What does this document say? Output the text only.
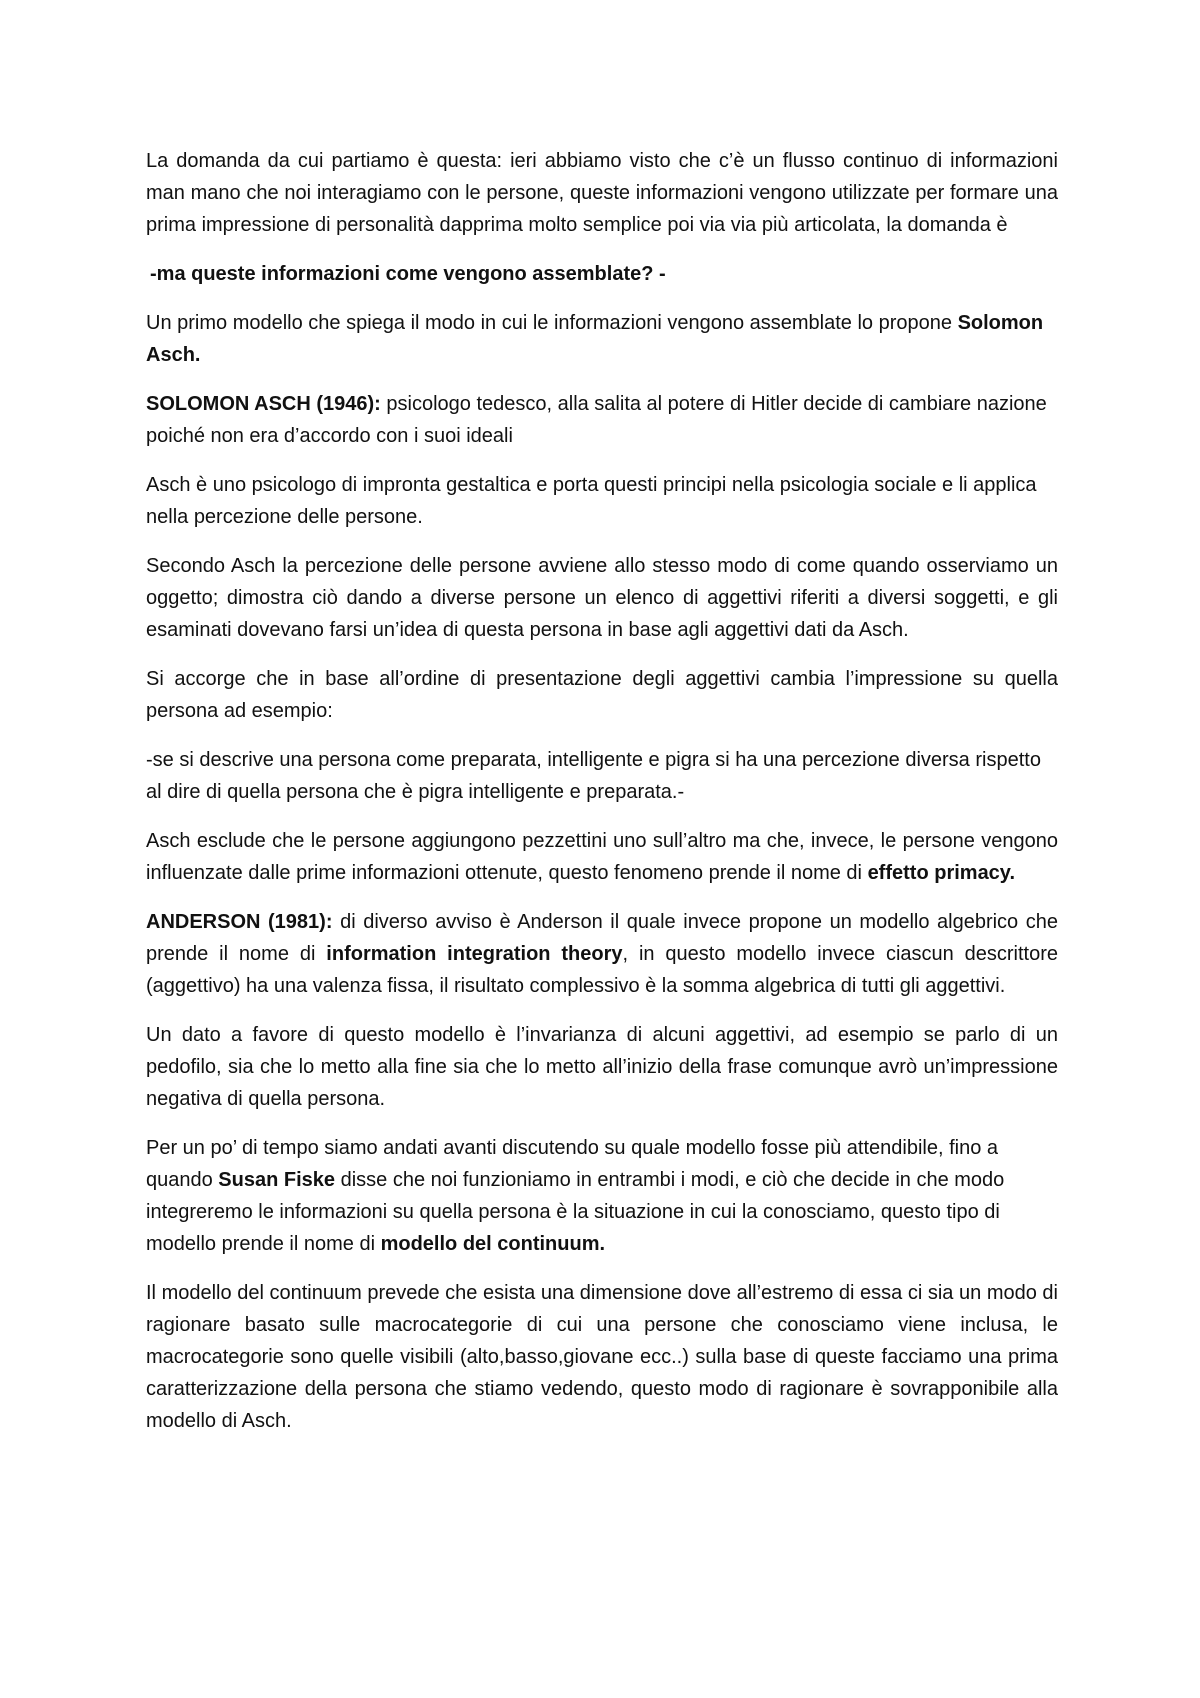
La domanda da cui partiamo è questa: ieri abbiamo visto che c’è un flusso continuo di informazioni man mano che noi interagiamo con le persone, queste informazioni vengono utilizzate per formare una prima impressione di personalità dapprima molto semplice poi via via più articolata, la domanda è

-ma queste informazioni come vengono assemblate? -

Un primo modello che spiega il modo in cui le informazioni vengono assemblate lo propone Solomon Asch.

SOLOMON ASCH (1946): psicologo tedesco, alla salita al potere di Hitler decide di cambiare nazione poiché non era d’accordo con i suoi ideali

Asch è uno psicologo di impronta gestaltica e porta questi principi nella psicologia sociale e li applica nella percezione delle persone.

Secondo Asch la percezione delle persone avviene allo stesso modo di come quando osserviamo un oggetto; dimostra ciò dando a diverse persone un elenco di aggettivi riferiti a diversi soggetti, e gli esaminati dovevano farsi un’idea di questa persona in base agli aggettivi dati da Asch.

Si accorge che in base all’ordine di presentazione degli aggettivi cambia l’impressione su quella persona ad esempio:

-se si descrive una persona come preparata, intelligente e pigra si ha una percezione diversa rispetto al dire di quella persona che è pigra intelligente e preparata.-

Asch esclude che le persone aggiungono pezzettini uno sull’altro ma che, invece, le persone vengono influenzate dalle prime informazioni ottenute, questo fenomeno prende il nome di effetto primacy.

ANDERSON (1981): di diverso avviso è Anderson il quale invece propone un modello algebrico che prende il nome di information integration theory, in questo modello invece ciascun descrittore (aggettivo) ha una valenza fissa, il risultato complessivo è la somma algebrica di tutti gli aggettivi.

Un dato a favore di questo modello è l’invarianza di alcuni aggettivi, ad esempio se parlo di un pedofilo, sia che lo metto alla fine sia che lo metto all’inizio della frase comunque avrò un’impressione negativa di quella persona.

Per un po’ di tempo siamo andati avanti discutendo su quale modello fosse più attendibile, fino a quando Susan Fiske disse che noi funzioniamo in entrambi i modi, e ciò che decide in che modo integreremo le informazioni su quella persona è la situazione in cui la conosciamo, questo tipo di modello prende il nome di modello del continuum.

Il modello del continuum prevede che esista una dimensione dove all’estremo di essa ci sia un modo di ragionare basato sulle macrocategorie di cui una persone che conosciamo viene inclusa, le macrocategorie sono quelle visibili (alto,basso,giovane ecc..) sulla base di queste facciamo una prima caratterizzazione della persona che stiamo vedendo, questo modo di ragionare è sovrapponibile alla modello di Asch.
